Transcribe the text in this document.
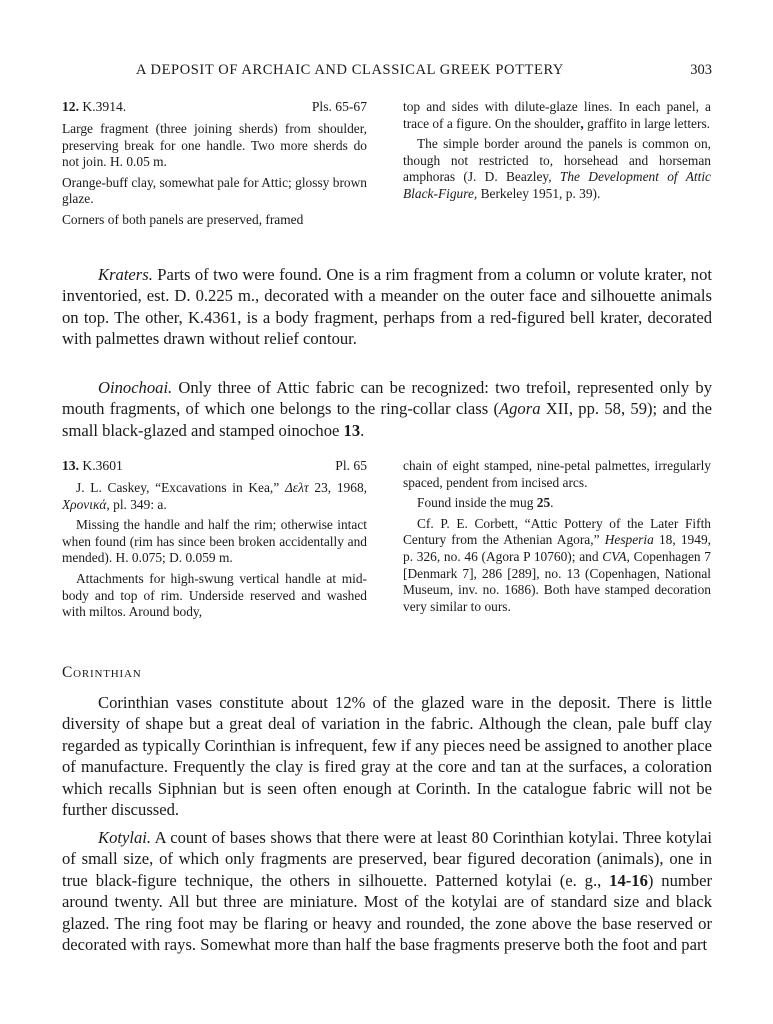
A DEPOSIT OF ARCHAIC AND CLASSICAL GREEK POTTERY	303
12. K.3914.	Pls. 65-67

Large fragment (three joining sherds) from shoulder, preserving break for one handle. Two more sherds do not join. H. 0.05 m.

Orange-buff clay, somewhat pale for Attic; glossy brown glaze.

Corners of both panels are preserved, framed

top and sides with dilute-glaze lines. In each panel, a trace of a figure. On the shoulder, graffito in large letters.

The simple border around the panels is common on, though not restricted to, horsehead and horseman amphoras (J. D. Beazley, The Development of Attic Black-Figure, Berkeley 1951, p. 39).

Kraters. Parts of two were found. One is a rim fragment from a column or volute krater, not inventoried, est. D. 0.225 m., decorated with a meander on the outer face and silhouette animals on top. The other, K.4361, is a body fragment, perhaps from a red-figured bell krater, decorated with palmettes drawn without relief contour.

Oinochoai. Only three of Attic fabric can be recognized: two trefoil, represented only by mouth fragments, of which one belongs to the ring-collar class (Agora XII, pp. 58, 59); and the small black-glazed and stamped oinochoe 13.

13. K.3601	Pl. 65

J. L. Caskey, “Excavations in Kea,” Δελτ 23, 1968, Χρονικά, pl. 349: a.

Missing the handle and half the rim; otherwise intact when found (rim has since been broken accidentally and mended). H. 0.075; D. 0.059 m.

Attachments for high-swung vertical handle at mid-body and top of rim. Underside reserved and washed with miltos. Around body,

chain of eight stamped, nine-petal palmettes, irregularly spaced, pendent from incised arcs.

Found inside the mug 25.

Cf. P. E. Corbett, “Attic Pottery of the Later Fifth Century from the Athenian Agora,” Hesperia 18, 1949, p. 326, no. 46 (Agora P 10760); and CVA, Copenhagen 7 [Denmark 7], 286 [289], no. 13 (Copenhagen, National Museum, inv. no. 1686). Both have stamped decoration very similar to ours.

Corinthian

Corinthian vases constitute about 12% of the glazed ware in the deposit. There is little diversity of shape but a great deal of variation in the fabric. Although the clean, pale buff clay regarded as typically Corinthian is infrequent, few if any pieces need be assigned to another place of manufacture. Frequently the clay is fired gray at the core and tan at the surfaces, a coloration which recalls Siphnian but is seen often enough at Corinth. In the catalogue fabric will not be further discussed.

Kotylai. A count of bases shows that there were at least 80 Corinthian kotylai. Three kotylai of small size, of which only fragments are preserved, bear figured decoration (animals), one in true black-figure technique, the others in silhouette. Patterned kotylai (e. g., 14-16) number around twenty. All but three are miniature. Most of the kotylai are of standard size and black glazed. The ring foot may be flaring or heavy and rounded, the zone above the base reserved or decorated with rays. Somewhat more than half the base fragments preserve both the foot and part
